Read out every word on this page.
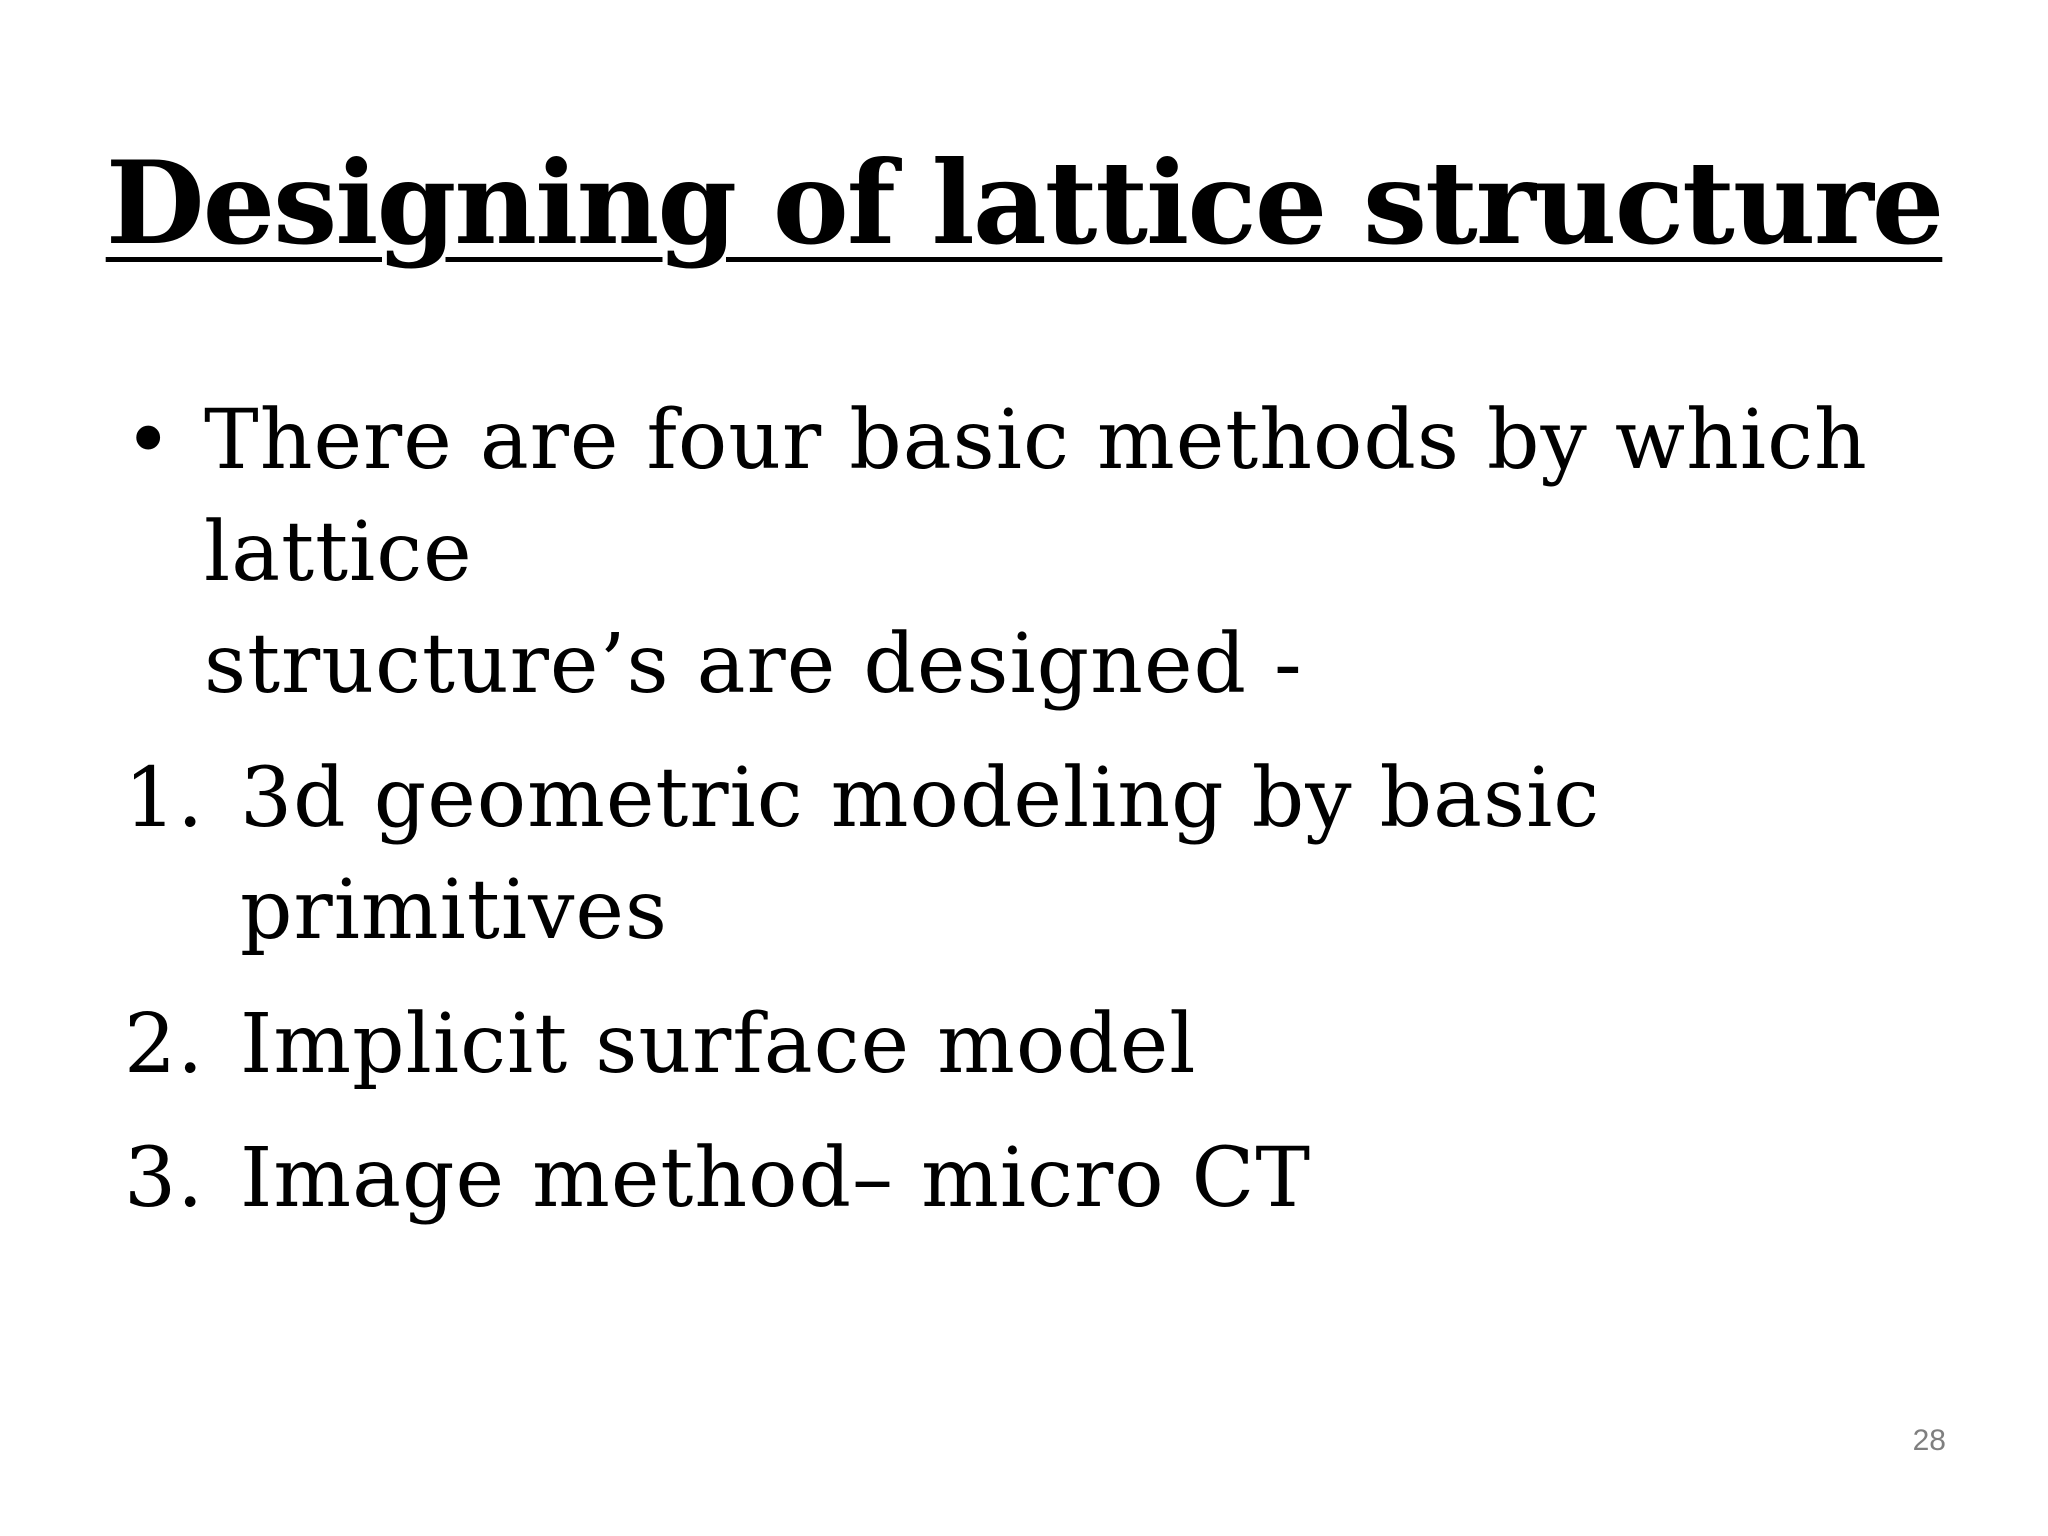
Designing of lattice structure
• There are four basic methods by which lattice
structure’s are designed -
1. 3d geometric modeling by basic primitives
2. Implicit surface model
3. Image method– micro CT
28
